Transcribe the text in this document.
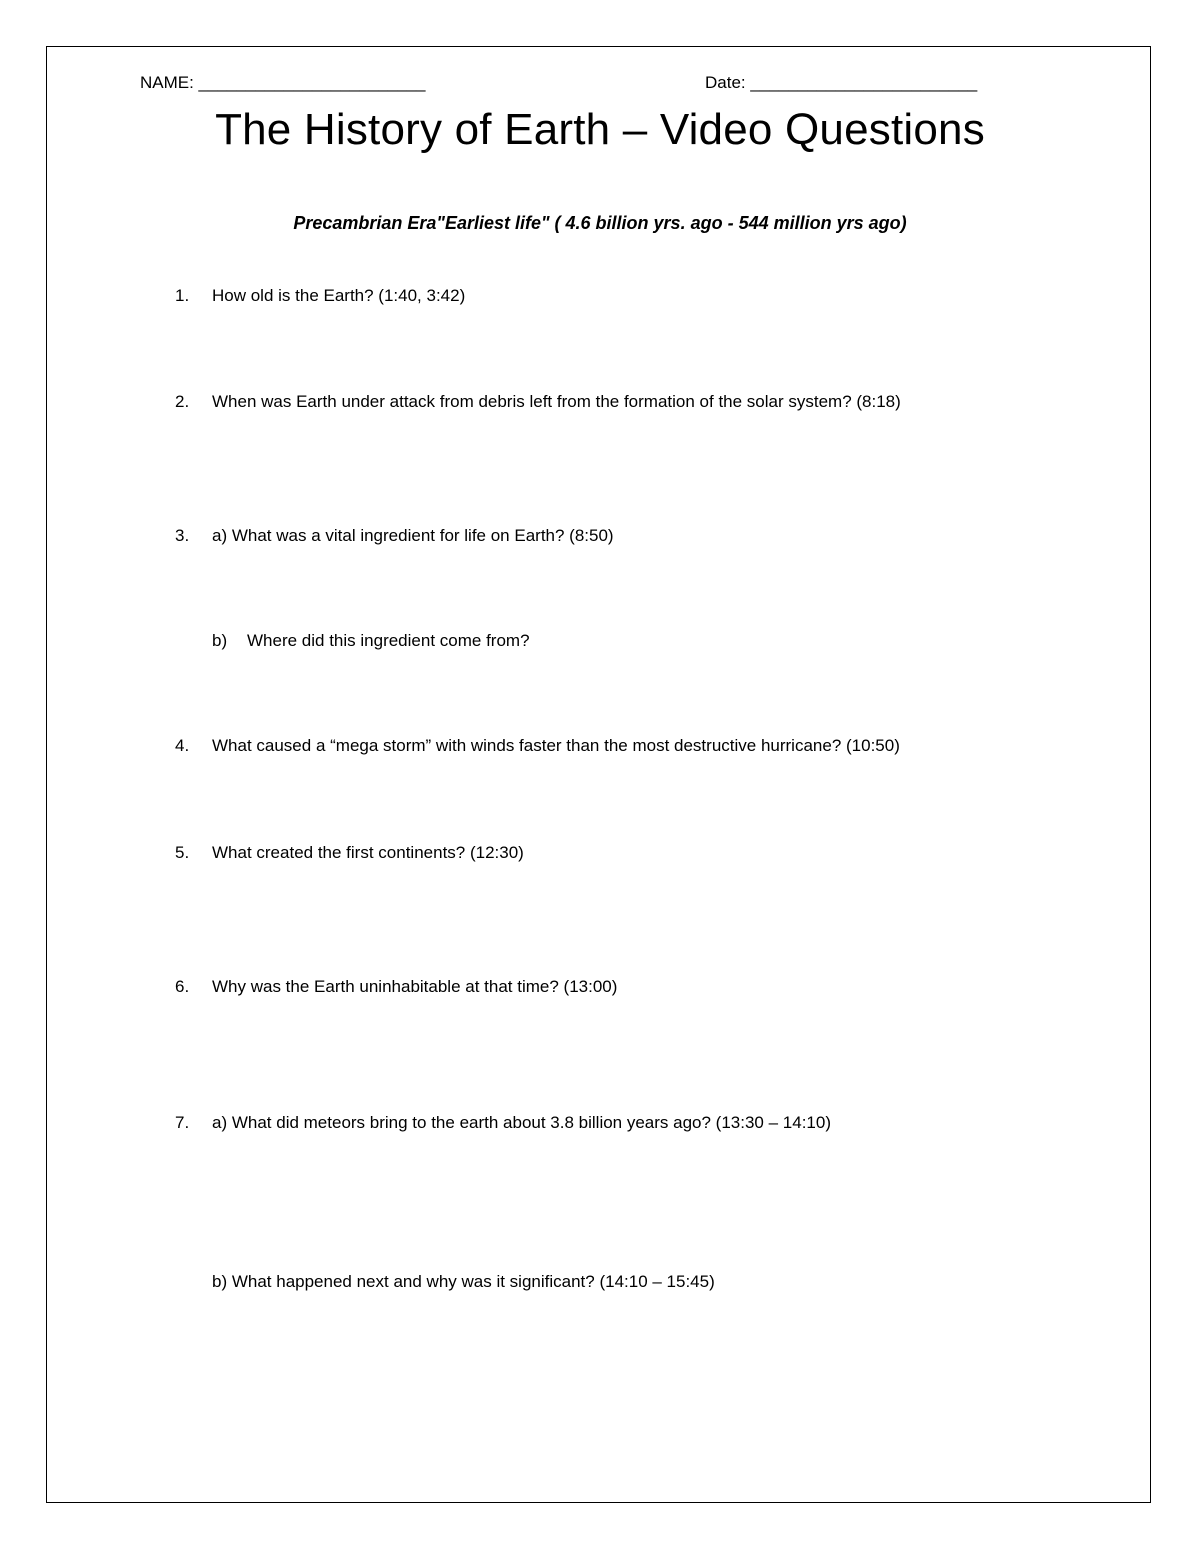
NAME: ________________________	Date: ________________________
The History of Earth – Video Questions
Precambrian Era"Earliest life" ( 4.6 billion yrs. ago - 544 million yrs ago)
1. How old is the Earth? (1:40, 3:42)
2. When was Earth under attack from debris left from the formation of the solar system? (8:18)
3. a) What was a vital ingredient for life on Earth? (8:50)
b) Where did this ingredient come from?
4. What caused a “mega storm” with winds faster than the most destructive hurricane? (10:50)
5. What created the first continents? (12:30)
6. Why was the Earth uninhabitable at that time? (13:00)
7. a) What did meteors bring to the earth about 3.8 billion years ago? (13:30 – 14:10)
b) What happened next and why was it significant? (14:10 – 15:45)
